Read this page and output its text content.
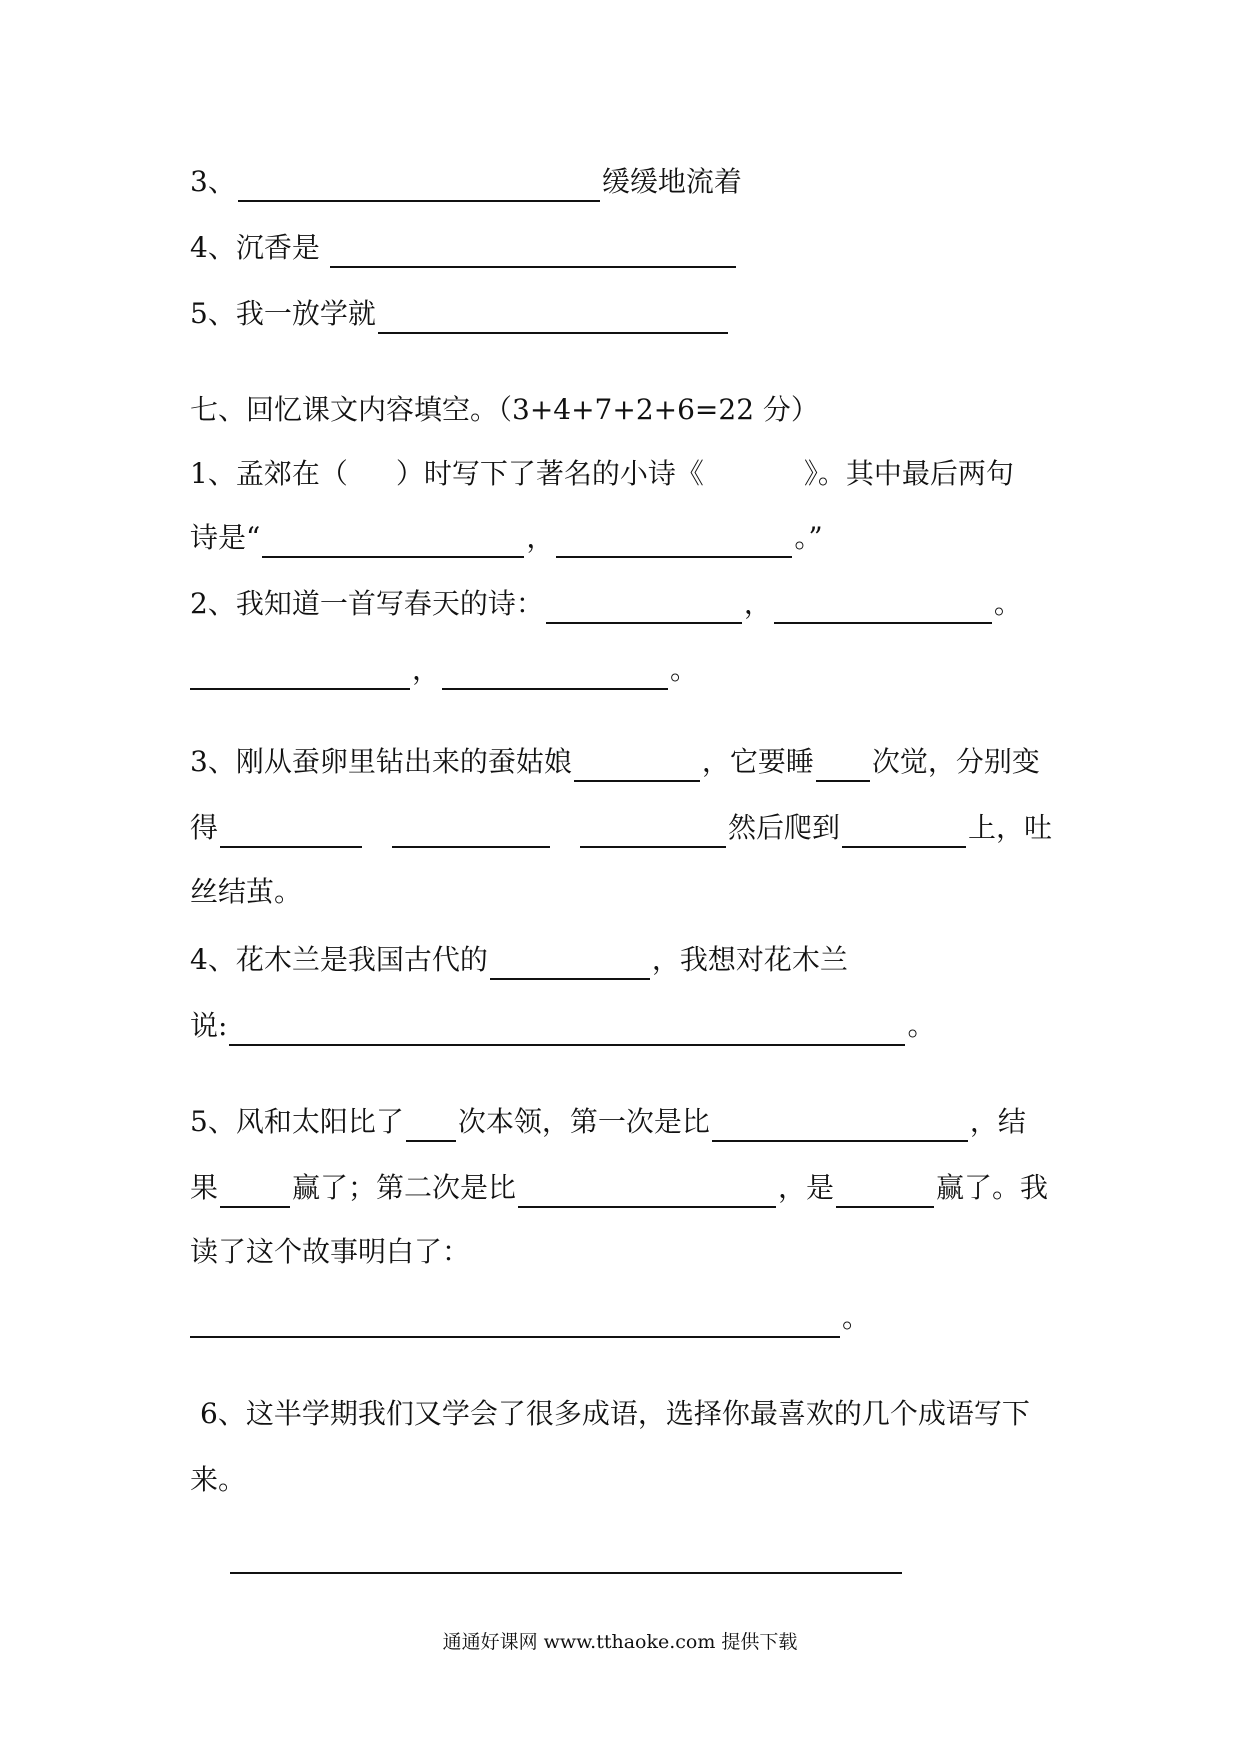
3、	缓缓地流着
4、沉香是
5、我一放学就
七、回忆课文内容填空。（3+4+7+2+6=22 分）
1、孟郊在（ ）时写下了著名的小诗《	》。其中最后两句
诗是“	，	。”
2、我知道一首写春天的诗：	，	。
，	。
3、刚从蚕卵里钻出来的蚕姑娘	，它要睡 次觉，分别变
得	然后爬到	上，吐
丝结茧。
4、花木兰是我国古代的	，我想对花木兰
说:	。
5、风和太阳比了 次本领，第一次是比	，结
果	赢了；第二次是比	，是	赢了。我
读了这个故事明白了：
。
6、这半学期我们又学会了很多成语，选择你最喜欢的几个成语写下
来。
通通好课网 www.tthaoke.com 提供下载
